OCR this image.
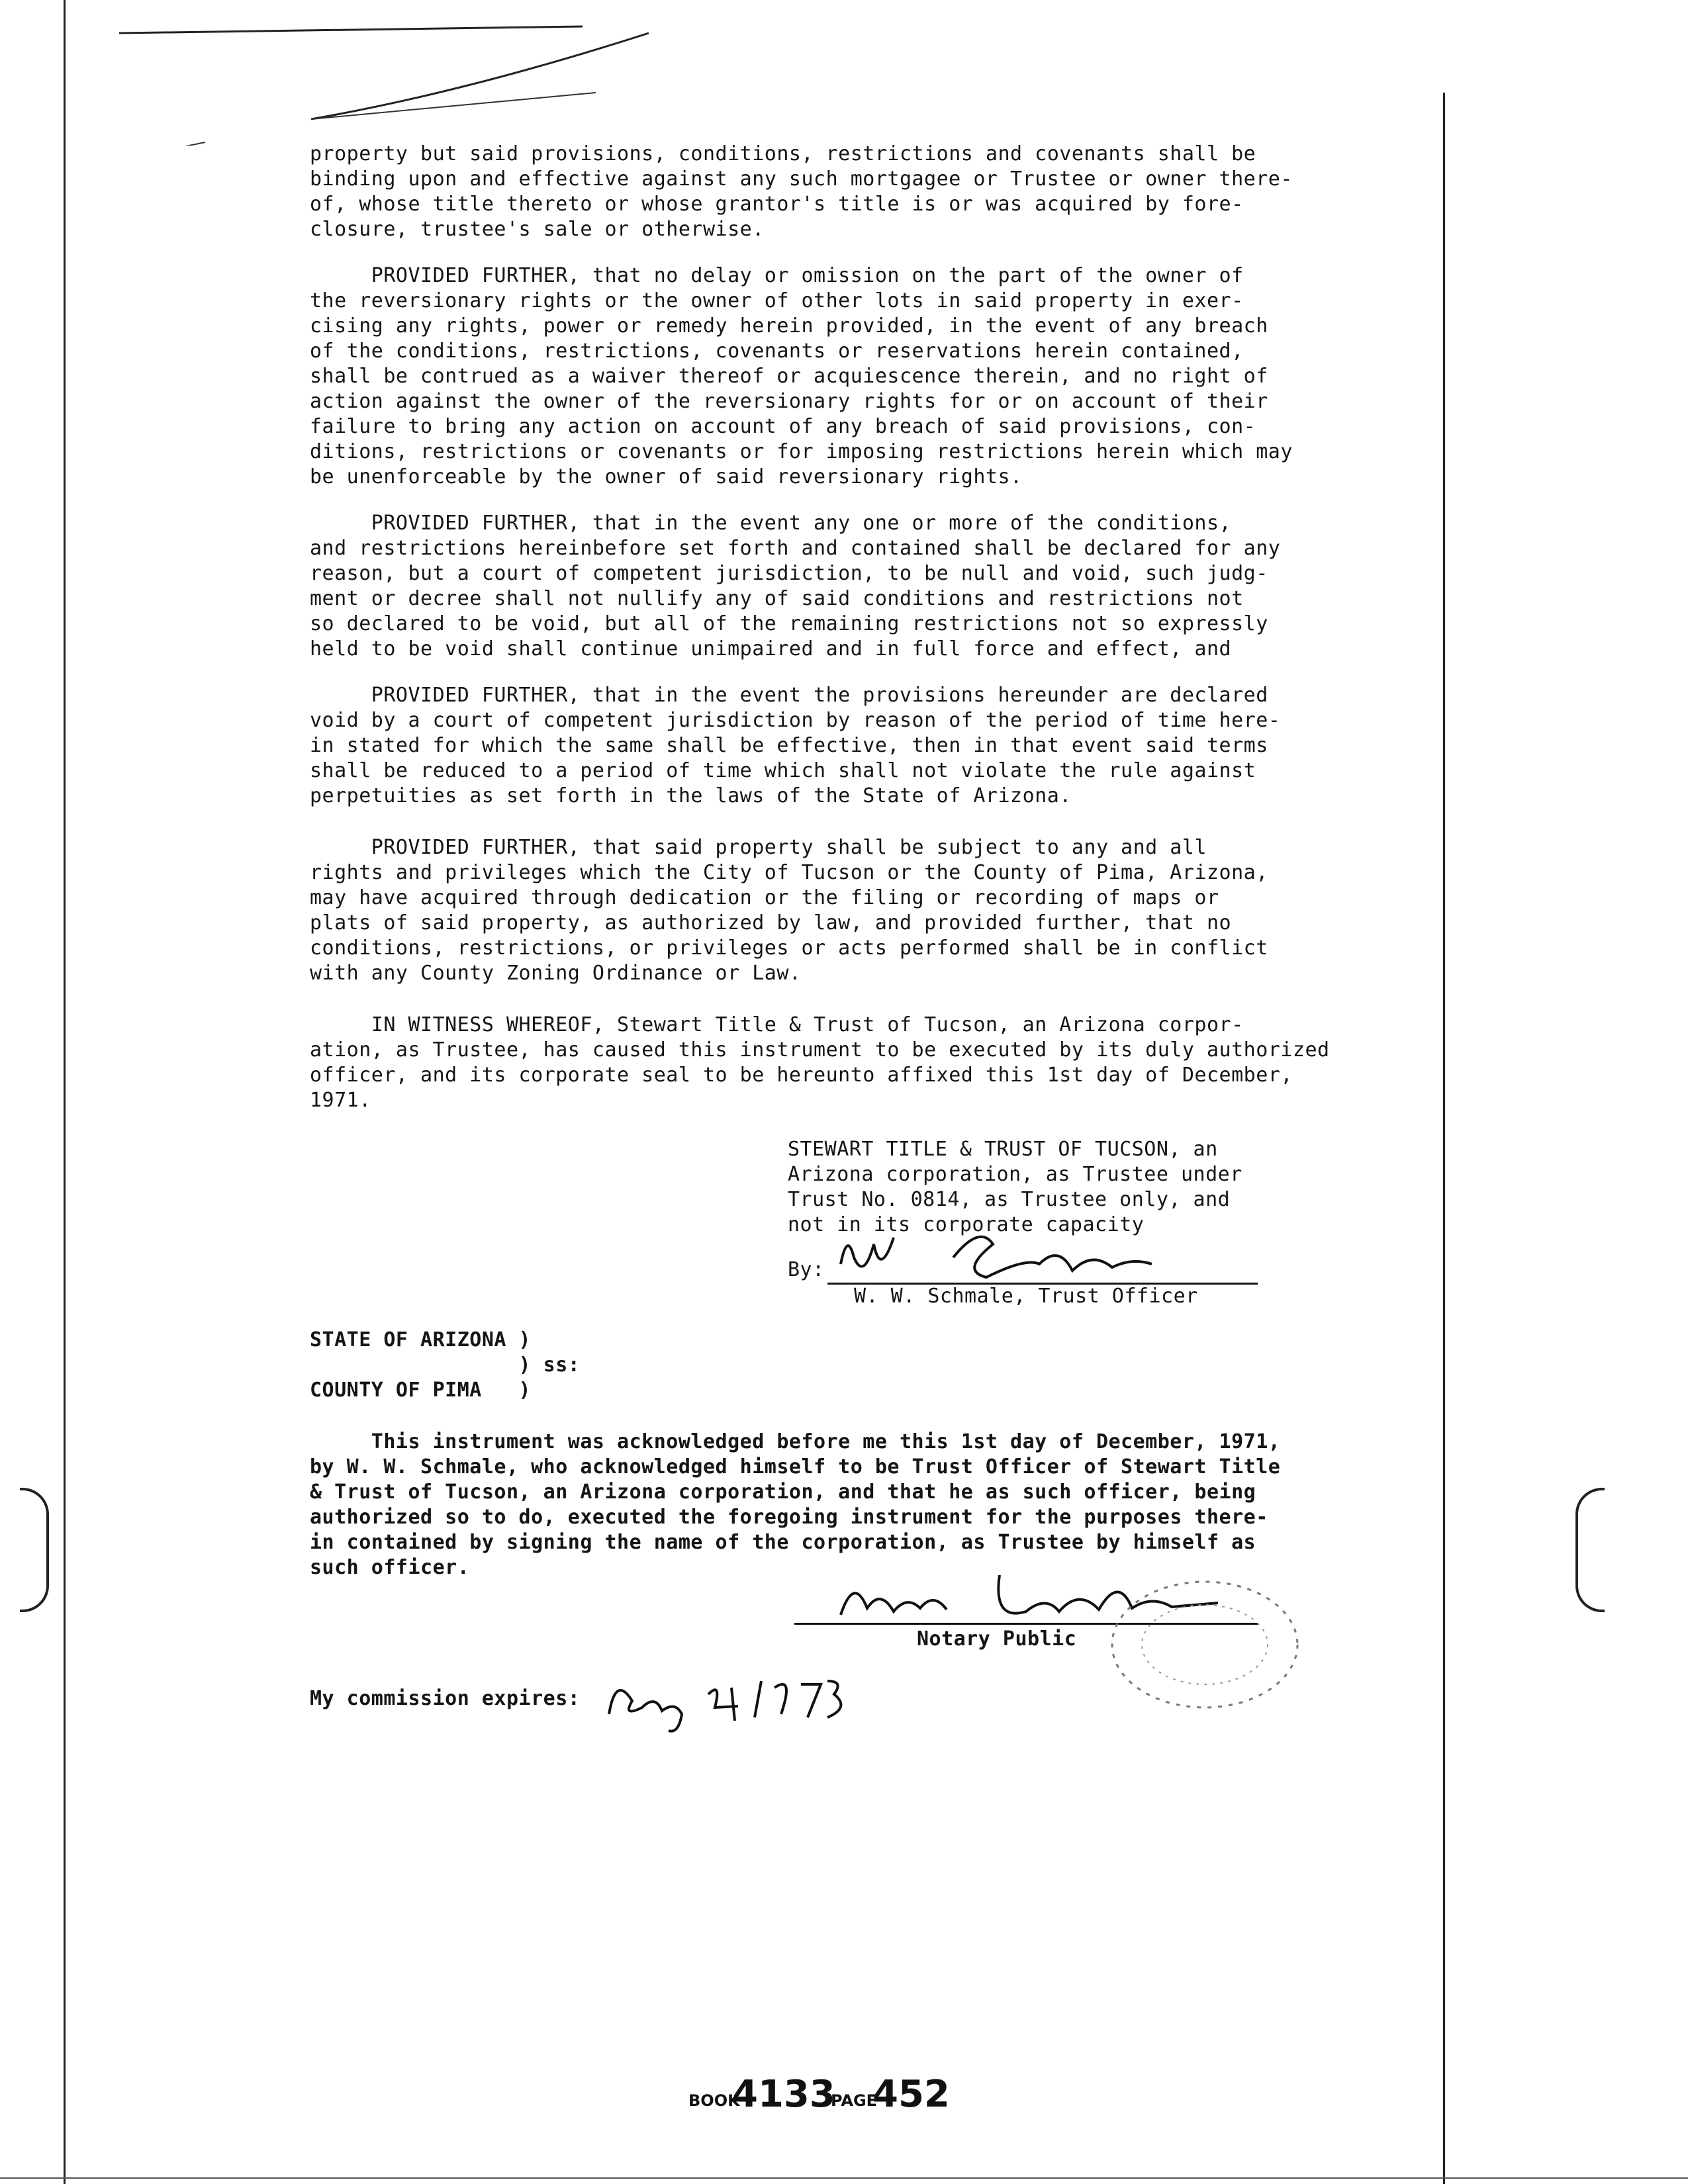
property but said provisions, conditions, restrictions and covenants shall be
binding upon and effective against any such mortgagee or Trustee or owner there-
of, whose title thereto or whose grantor's title is or was acquired by fore-
closure, trustee's sale or otherwise.
PROVIDED FURTHER, that no delay or omission on the part of the owner of
the reversionary rights or the owner of other lots in said property in exer-
cising any rights, power or remedy herein provided, in the event of any breach
of the conditions, restrictions, covenants or reservations herein contained,
shall be contrued as a waiver thereof or acquiescence therein, and no right of
action against the owner of the reversionary rights for or on account of their
failure to bring any action on account of any breach of said provisions, con-
ditions, restrictions or covenants or for imposing restrictions herein which may
be unenforceable by the owner of said reversionary rights.
PROVIDED FURTHER, that in the event any one or more of the conditions,
and restrictions hereinbefore set forth and contained shall be declared for any
reason, but a court of competent jurisdiction, to be null and void, such judg-
ment or decree shall not nullify any of said conditions and restrictions not
so declared to be void, but all of the remaining restrictions not so expressly
held to be void shall continue unimpaired and in full force and effect, and
PROVIDED FURTHER, that in the event the provisions hereunder are declared
void by a court of competent jurisdiction by reason of the period of time here-
in stated for which the same shall be effective, then in that event said terms
shall be reduced to a period of time which shall not violate the rule against
perpetuities as set forth in the laws of the State of Arizona.
PROVIDED FURTHER, that said property shall be subject to any and all
rights and privileges which the City of Tucson or the County of Pima, Arizona,
may have acquired through dedication or the filing or recording of maps or
plats of said property, as authorized by law, and provided further, that no
conditions, restrictions, or privileges or acts performed shall be in conflict
with any County Zoning Ordinance or Law.
IN WITNESS WHEREOF, Stewart Title & Trust of Tucson, an Arizona corpor-
ation, as Trustee, has caused this instrument to be executed by its duly authorized
officer, and its corporate seal to be hereunto affixed this 1st day of December,
1971.
STEWART TITLE & TRUST OF TUCSON, an
Arizona corporation, as Trustee under
Trust No. 0814, as Trustee only, and
not in its corporate capacity
By:
W. W. Schmale, Trust Officer
STATE OF ARIZONA )
) ss:
COUNTY OF PIMA   )
This instrument was acknowledged before me this 1st day of December, 1971,
by W. W. Schmale, who acknowledged himself to be Trust Officer of Stewart Title
& Trust of Tucson, an Arizona corporation, and that he as such officer, being
authorized so to do, executed the foregoing instrument for the purposes there-
in contained by signing the name of the corporation, as Trustee by himself as
such officer.
Notary Public
My commission expires:
BOOK
4133
PAGE
452
